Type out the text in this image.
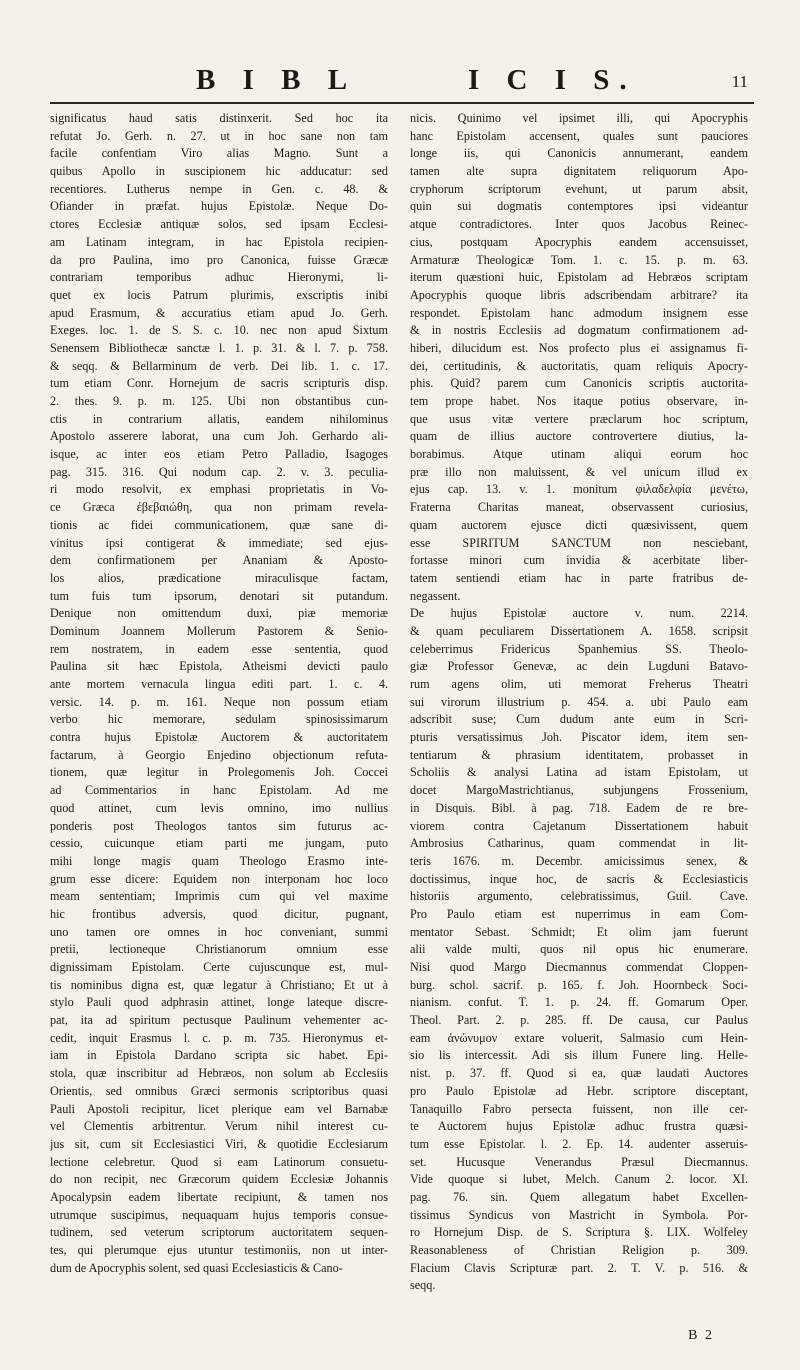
B I B L	I C I S.	11
significatus haud satis distinxerit. Sed hoc ita
refutat Jo. Gerh. n. 27. ut in hoc sane non tam
facile confentiam Viro alias Magno. Sunt a
quibus Apollo in suscipionem hic adducatur: sed
recentiores. Lutherus nempe in Gen. c. 48. &
Ofiander in præfat. hujus Epistolæ. Neque Do-
ctores Ecclesiæ antiquæ solos, sed ipsam Ecclesi-
am Latinam integram, in hac Epistola recipien-
da pro Paulina, imo pro Canonica, fuisse Græcæ
contrariam temporibus adhuc Hieronymi, li-
quet ex locis Patrum plurimis, exscriptis inibi
apud Erasmum, & accuratius etiam apud Jo. Gerh.
Exeges. loc. 1. de S. S. c. 10. nec non apud Sixtum
Senensem Bibliothecæ sanctæ l. 1. p. 31. & l. 7. p. 758.
& seqq. & Bellarminum de verb. Dei lib. 1. c. 17.
tum etiam Conr. Hornejum de sacris scripturis disp.
2. thes. 9. p. m. 125. Ubi non obstantibus cun-
ctis in contrarium allatis, eandem nihilominus
Apostolo asserere laborat, una cum Joh. Gerhardo ali-
isque, ac inter eos etiam Petro Palladio, Isagoges
pag. 315. 316. Qui nodum cap. 2. v. 3. peculia-
ri modo resolvit, ex emphasi proprietatis in Vo-
ce Græca ἐβεβαιώθη, qua non primam revela-
tionis ac fidei communicationem, quæ sane di-
vinitus ipsi contigerat & immediate; sed ejus-
dem confirmationem per Ananiam & Aposto-
los alios, prædicatione miraculisque factam,
tum fuis tum ipsorum, denotari sit putandum.
Denique non omittendum duxi, piæ memoriæ
Dominum Joannem Mollerum Pastorem & Senio-
rem nostratem, in eadem esse sententia, quod
Paulina sit hæc Epistola, Atheismi devicti paulo
ante mortem vernacula lingua editi part. 1. c. 4.
versic. 14. p. m. 161. Neque non possum etiam
verbo hic memorare, sedulam spinosissimarum
contra hujus Epistolæ Auctorem & auctoritatem
factarum, à Georgio Enjedino objectionum refuta-
tionem, quæ legitur in Prolegomenis Joh. Coccei
ad Commentarios in hanc Epistolam. Ad me
quod attinet, cum levis omnino, imo nullius
ponderis post Theologos tantos sim futurus ac-
cessio, cuicunque etiam parti me jungam, puto
mihi longe magis quam Theologo Erasmo inte-
grum esse dicere: Equidem non interponam hoc loco
meam sententiam; Imprimis cum qui vel maxime
hic frontibus adversis, quod dicitur, pugnant,
uno tamen ore omnes in hoc conveniant, summi
pretii, lectioneque Christianorum omnium esse
dignissimam Epistolam. Certe cujuscunque est, mul-
tis nominibus digna est, quæ legatur à Christiano; Et ut à
stylo Pauli quod adphrasin attinet, longe lateque discre-
pat, ita ad spiritum pectusque Paulinum vehementer ac-
cedit, inquit Erasmus l. c. p. m. 735. Hieronymus et-
iam in Epistola Dardano scripta sic habet. Epi-
stola, quæ inscribitur ad Hebræos, non solum ab Ecclesiis
Orientis, sed omnibus Græci sermonis scriptoribus quasi
Pauli Apostoli recipitur, licet plerique eam vel Barnabæ
vel Clementis arbitrentur. Verum nihil interest cu-
jus sit, cum sit Ecclesiastici Viri, & quotidie Ecclesiarum
lectione celebretur. Quod si eam Latinorum consuetu-
do non recipit, nec Græcorum quidem Ecclesiæ Johannis
Apocalypsin eadem libertate recipiunt, & tamen nos
utrumque suscipimus, nequaquam hujus temporis consue-
tudinem, sed veterum scriptorum auctoritatem sequen-
tes, qui plerumque ejus utuntur testimoniis, non ut inter-
dum de Apocryphis solent, sed quasi Ecclesiasticis & Cano-
nicis. Quinimo vel ipsimet illi, qui Apocryphis
hanc Epistolam accensent, quales sunt pauciores
longe iis, qui Canonicis annumerant, eandem
tamen alte supra dignitatem reliquorum Apo-
cryphorum scriptorum evehunt, ut parum absit,
quin sui dogmatis contemptores ipsi videantur
atque contradictores. Inter quos Jacobus Reinec-
cius, postquam Apocryphis eandem accensuisset,
Armaturæ Theologicæ Tom. 1. c. 15. p. m. 63.
iterum quæstioni huic, Epistolam ad Hebræos scriptam
Apocryphis quoque libris adscribendam arbitrare? ita
respondet. Epistolam hanc admodum insignem esse
& in nostris Ecclesiis ad dogmatum confirmationem ad-
hiberi, dilucidum est. Nos profecto plus ei assignamus fi-
dei, certitudinis, & auctoritatis, quam reliquis Apocry-
phis. Quid? parem cum Canonicis scriptis auctorita-
tem prope habet. Nos itaque potius observare, in-
que usus vitæ vertere præclarum hoc scriptum,
quam de illius auctore controvertere diutius, la-
borabimus. Atque utinam aliqui eorum hoc
præ illo non maluissent, & vel unicum illud ex
ejus cap. 13. v. 1. monitum φιλαδελφία μενέτω,
Fraterna Charitas maneat, observassent curiosius,
quam auctorem ejusce dicti quæsivissent, quem
esse SPIRITUM SANCTUM non nesciebant,
fortasse minori cum invidia & acerbitate liber-
tatem sentiendi etiam hac in parte fratribus de-
negassent.
De hujus Epistolæ auctore v. num. 2214.
& quam peculiarem Dissertationem A. 1658. scripsit
celeberrimus Fridericus Spanhemius SS. Theolo-
giæ Professor Genevæ, ac dein Lugduni Batavo-
rum agens olim, uti memorat Freherus Theatri
sui virorum illustrium p. 454. a. ubi Paulo eam
adscribit suse; Cum dudum ante eum in Scri-
pturis versatissimus Joh. Piscator idem, item sen-
tentiarum & phrasium identitatem, probasset in
Scholiis & analysi Latina ad istam Epistolam, ut
docet MargoMastrichtianus, subjungens Frossenium,
in Disquis. Bibl. à pag. 718. Eadem de re bre-
viorem contra Cajetanum Dissertationem habuit
Ambrosius Catharinus, quam commendat in lit-
teris 1676. m. Decembr. amicissimus senex, &
doctissimus, inque hoc, de sacris & Ecclesiasticis
historiis argumento, celebratissimus, Guil. Cave.
Pro Paulo etiam est nuperrimus in eam Com-
mentator Sebast. Schmidt; Et olim jam fuerunt
alii valde multi, quos nil opus hic enumerare.
Nisi quod Margo Diecmannus commendat Cloppen-
burg. schol. sacrif. p. 165. f. Joh. Hoornbeck Soci-
nianism. confut. T. 1. p. 24. ff. Gomarum Oper.
Theol. Part. 2. p. 285. ff. De causa, cur Paulus
eam ἀνώνυμον extare voluerit, Salmasio cum Hein-
sio lis intercessit. Adi sis illum Funere ling. Helle-
nist. p. 37. ff. Quod si ea, quæ laudati Auctores
pro Paulo Epistolæ ad Hebr. scriptore disceptant,
Tanaquillo Fabro persecta fuissent, non ille cer-
te Auctorem hujus Epistolæ adhuc frustra quæsi-
tum esse Epistolar. l. 2. Ep. 14. audenter asseruis-
set. Hucusque Venerandus Præsul Diecmannus.
Vide quoque si lubet, Melch. Canum 2. locor. XI.
pag. 76. sin. Quem allegatum habet Excellen-
tissimus Syndicus von Mastricht in Symbola. Por-
ro Hornejum Disp. de S. Scriptura §. LIX. Wolfeley
Reasonableness of Christian Religion p. 309.
Flacium Clavis Scripturæ part. 2. T. V. p. 516. &
seqq.
B 2
